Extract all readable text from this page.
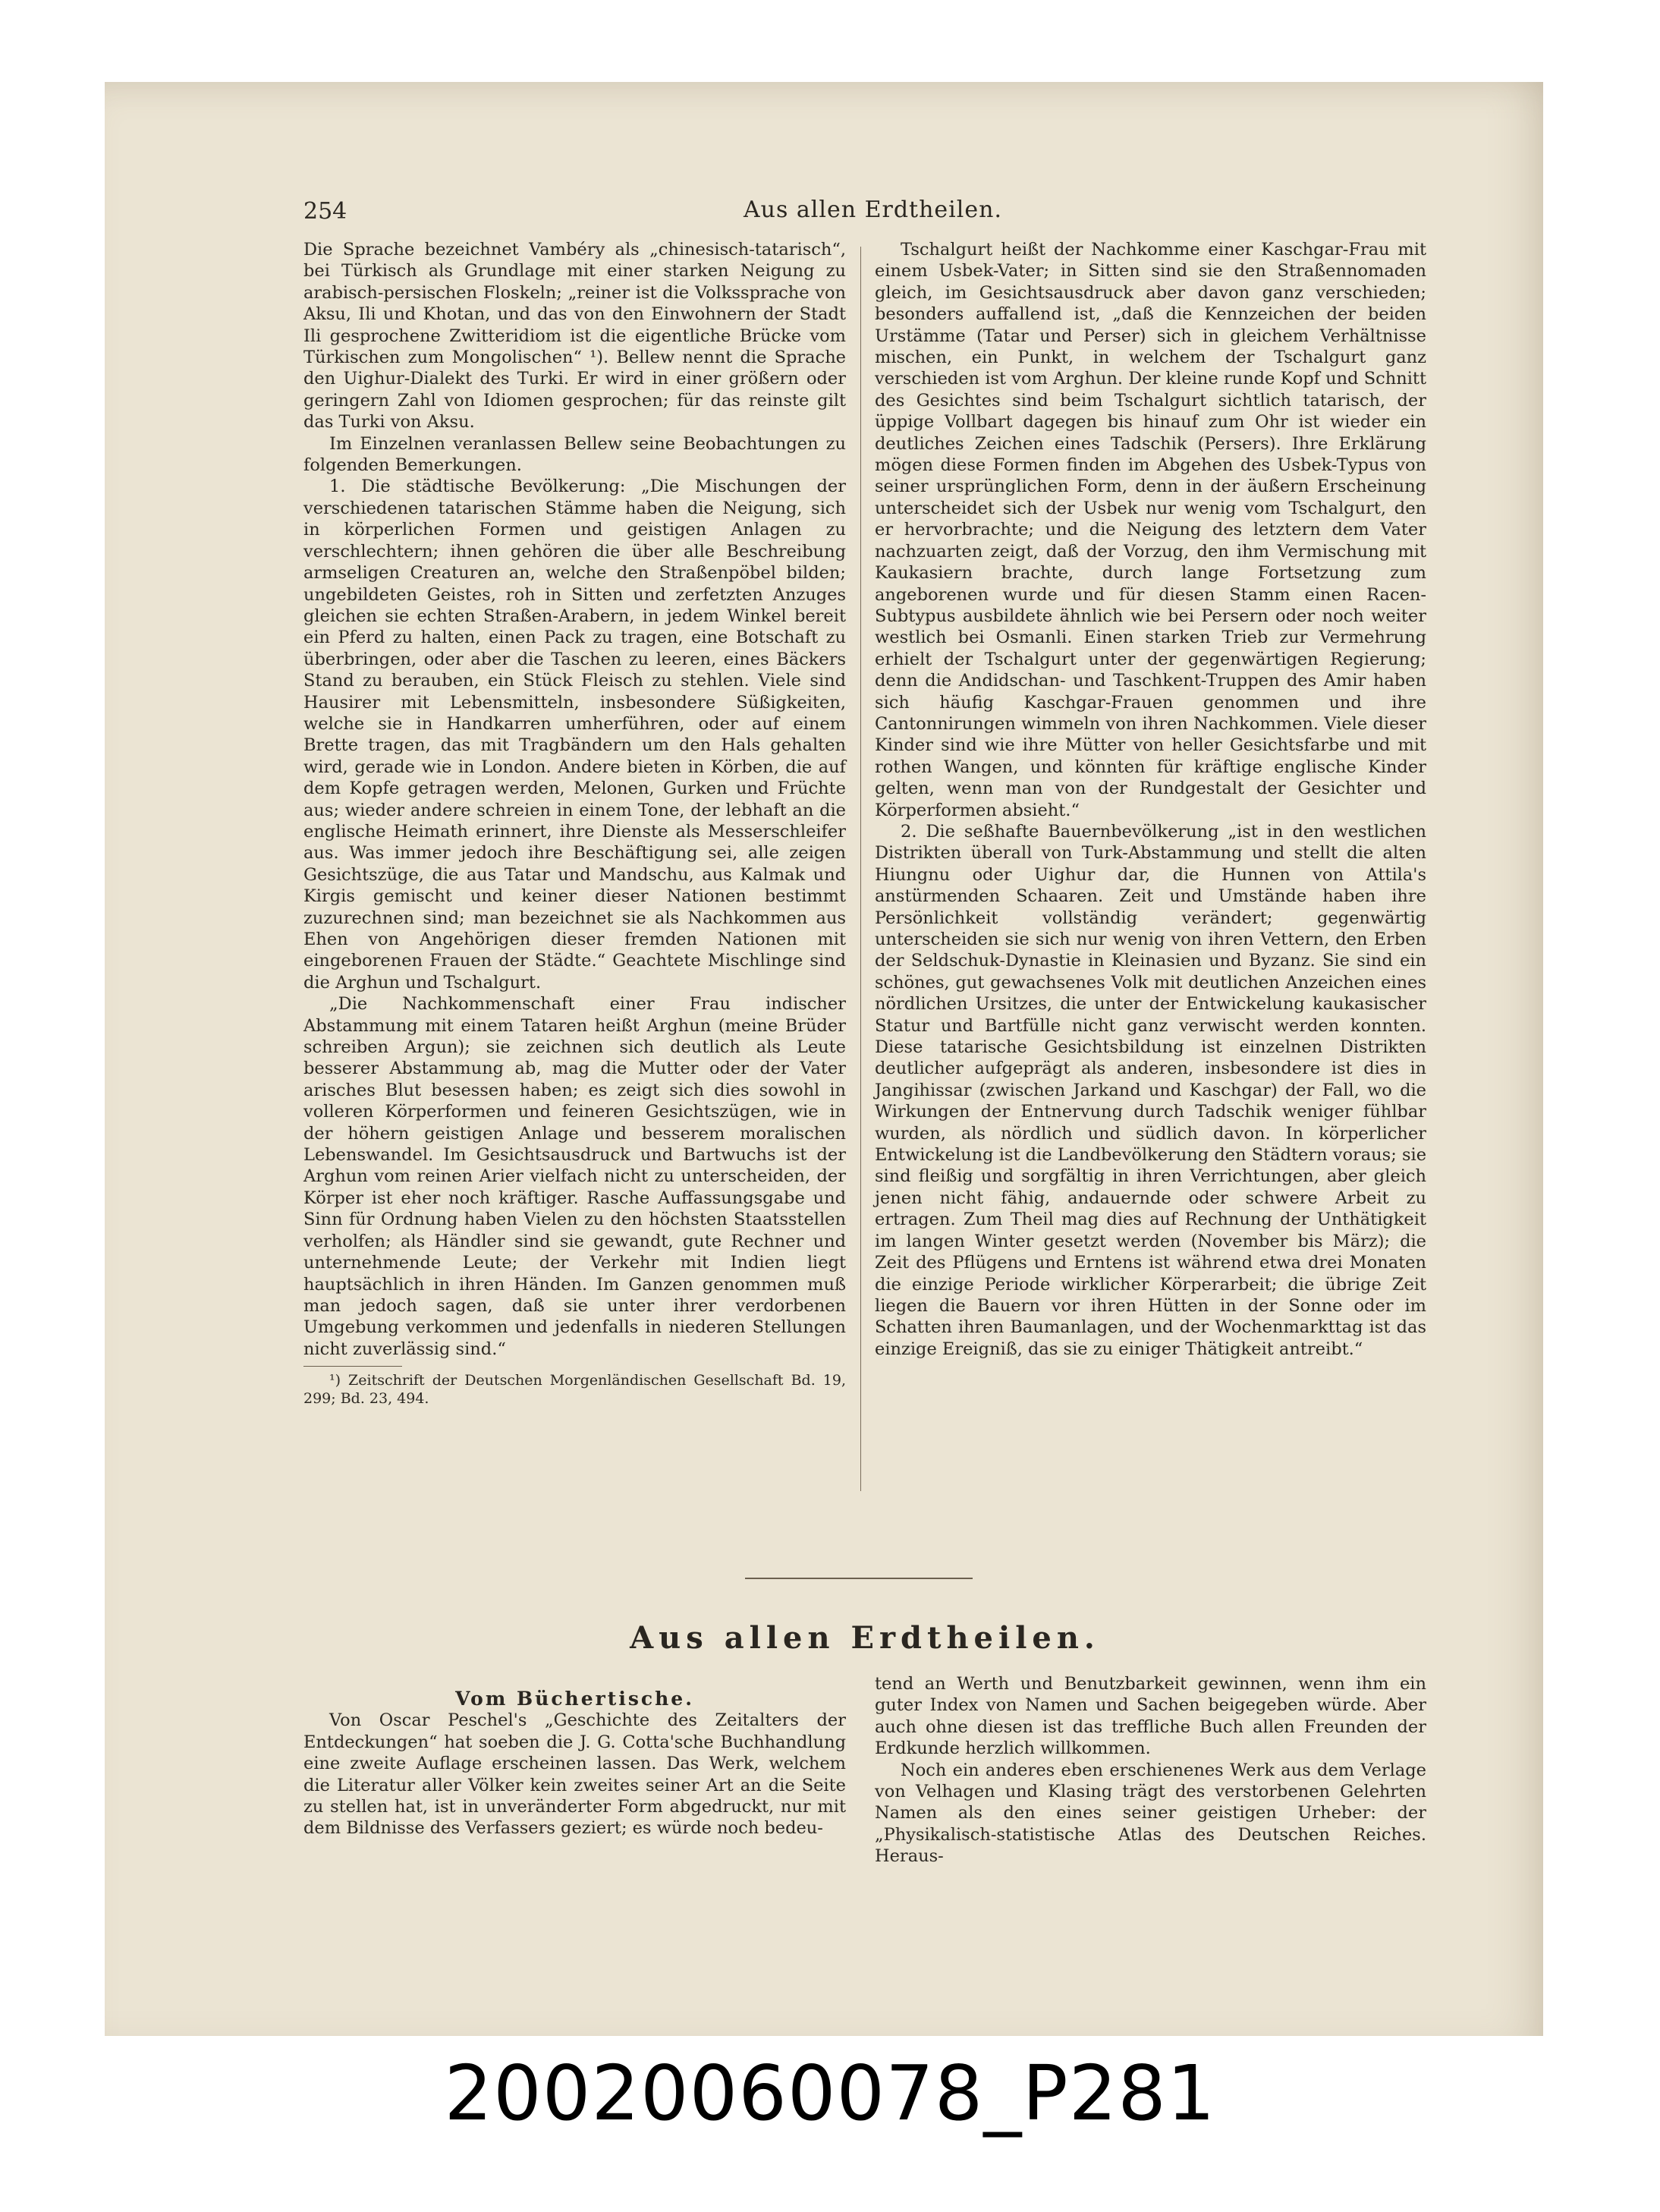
254	Aus allen Erdtheilen.

Die Sprache bezeichnet Vambéry als „chinesisch-tatarisch“, bei Türkisch als Grundlage mit einer starken Neigung zu arabisch-persischen Floskeln; „reiner ist die Volkssprache von Aksu, Ili und Khotan, und das von den Einwohnern der Stadt Ili gesprochene Zwitteridiom ist die eigentliche Brücke vom Türkischen zum Mongolischen“ ¹). Bellew nennt die Sprache den Uighur-Dialekt des Turki. Er wird in einer größern oder geringern Zahl von Idiomen gesprochen; für das reinste gilt das Turki von Aksu.

Im Einzelnen veranlassen Bellew seine Beobachtungen zu folgenden Bemerkungen.

1. Die städtische Bevölkerung: „Die Mischungen der verschiedenen tatarischen Stämme haben die Neigung, sich in körperlichen Formen und geistigen Anlagen zu verschlechtern; ihnen gehören die über alle Beschreibung armseligen Creaturen an, welche den Straßenpöbel bilden; ungebildeten Geistes, roh in Sitten und zerfetzten Anzuges gleichen sie echten Straßen-Arabern, in jedem Winkel bereit ein Pferd zu halten, einen Pack zu tragen, eine Botschaft zu überbringen, oder aber die Taschen zu leeren, eines Bäckers Stand zu berauben, ein Stück Fleisch zu stehlen. Viele sind Hausirer mit Lebensmitteln, insbesondere Süßigkeiten, welche sie in Handkarren umherführen, oder auf einem Brette tragen, das mit Tragbändern um den Hals gehalten wird, gerade wie in London. Andere bieten in Körben, die auf dem Kopfe getragen werden, Melonen, Gurken und Früchte aus; wieder andere schreien in einem Tone, der lebhaft an die englische Heimath erinnert, ihre Dienste als Messerschleifer aus. Was immer jedoch ihre Beschäftigung sei, alle zeigen Gesichtszüge, die aus Tatar und Mandschu, aus Kalmak und Kirgis gemischt und keiner dieser Nationen bestimmt zuzurechnen sind; man bezeichnet sie als Nachkommen aus Ehen von Angehörigen dieser fremden Nationen mit eingeborenen Frauen der Städte.“ Geachtete Mischlinge sind die Arghun und Tschalgurt.

„Die Nachkommenschaft einer Frau indischer Abstammung mit einem Tataren heißt Arghun (meine Brüder schreiben Argun); sie zeichnen sich deutlich als Leute besserer Abstammung ab, mag die Mutter oder der Vater arisches Blut besessen haben; es zeigt sich dies sowohl in volleren Körperformen und feineren Gesichtszügen, wie in der höhern geistigen Anlage und besserem moralischen Lebenswandel. Im Gesichtsausdruck und Bartwuchs ist der Arghun vom reinen Arier vielfach nicht zu unterscheiden, der Körper ist eher noch kräftiger. Rasche Auffassungsgabe und Sinn für Ordnung haben Vielen zu den höchsten Staatsstellen verholfen; als Händler sind sie gewandt, gute Rechner und unternehmende Leute; der Verkehr mit Indien liegt hauptsächlich in ihren Händen. Im Ganzen genommen muß man jedoch sagen, daß sie unter ihrer verdorbenen Umgebung verkommen und jedenfalls in niederen Stellungen nicht zuverlässig sind.“

¹) Zeitschrift der Deutschen Morgenländischen Gesellschaft Bd. 19, 299; Bd. 23, 494.

Tschalgurt heißt der Nachkomme einer Kaschgar-Frau mit einem Usbek-Vater; in Sitten sind sie den Straßennomaden gleich, im Gesichtsausdruck aber davon ganz verschieden; besonders auffallend ist, „daß die Kennzeichen der beiden Urstämme (Tatar und Perser) sich in gleichem Verhältnisse mischen, ein Punkt, in welchem der Tschalgurt ganz verschieden ist vom Arghun. Der kleine runde Kopf und Schnitt des Gesichtes sind beim Tschalgurt sichtlich tatarisch, der üppige Vollbart dagegen bis hinauf zum Ohr ist wieder ein deutliches Zeichen eines Tadschik (Persers). Ihre Erklärung mögen diese Formen finden im Abgehen des Usbek-Typus von seiner ursprünglichen Form, denn in der äußern Erscheinung unterscheidet sich der Usbek nur wenig vom Tschalgurt, den er hervorbrachte; und die Neigung des letztern dem Vater nachzuarten zeigt, daß der Vorzug, den ihm Vermischung mit Kaukasiern brachte, durch lange Fortsetzung zum angeborenen wurde und für diesen Stamm einen Racen-Subtypus ausbildete ähnlich wie bei Persern oder noch weiter westlich bei Osmanli. Einen starken Trieb zur Vermehrung erhielt der Tschalgurt unter der gegenwärtigen Regierung; denn die Andidschan- und Taschkent-Truppen des Amir haben sich häufig Kaschgar-Frauen genommen und ihre Cantonnirungen wimmeln von ihren Nachkommen. Viele dieser Kinder sind wie ihre Mütter von heller Gesichtsfarbe und mit rothen Wangen, und könnten für kräftige englische Kinder gelten, wenn man von der Rundgestalt der Gesichter und Körperformen absieht.“

2. Die seßhafte Bauernbevölkerung „ist in den westlichen Distrikten überall von Turk-Abstammung und stellt die alten Hiungnu oder Uighur dar, die Hunnen von Attila's anstürmenden Schaaren. Zeit und Umstände haben ihre Persönlichkeit vollständig verändert; gegenwärtig unterscheiden sie sich nur wenig von ihren Vettern, den Erben der Seldschuk-Dynastie in Kleinasien und Byzanz. Sie sind ein schönes, gut gewachsenes Volk mit deutlichen Anzeichen eines nördlichen Ursitzes, die unter der Entwickelung kaukasischer Statur und Bartfülle nicht ganz verwischt werden konnten. Diese tatarische Gesichtsbildung ist einzelnen Distrikten deutlicher aufgeprägt als anderen, insbesondere ist dies in Jangihissar (zwischen Jarkand und Kaschgar) der Fall, wo die Wirkungen der Entnervung durch Tadschik weniger fühlbar wurden, als nördlich und südlich davon. In körperlicher Entwickelung ist die Landbevölkerung den Städtern voraus; sie sind fleißig und sorgfältig in ihren Verrichtungen, aber gleich jenen nicht fähig, andauernde oder schwere Arbeit zu ertragen. Zum Theil mag dies auf Rechnung der Unthätigkeit im langen Winter gesetzt werden (November bis März); die Zeit des Pflügens und Erntens ist während etwa drei Monaten die einzige Periode wirklicher Körperarbeit; die übrige Zeit liegen die Bauern vor ihren Hütten in der Sonne oder im Schatten ihren Baumanlagen, und der Wochenmarkttag ist das einzige Ereigniß, das sie zu einiger Thätigkeit antreibt.“

Aus allen Erdtheilen.

Vom Büchertische.

Von Oscar Peschel's „Geschichte des Zeitalters der Entdeckungen“ hat soeben die J. G. Cotta'sche Buchhandlung eine zweite Auflage erscheinen lassen. Das Werk, welchem die Literatur aller Völker kein zweites seiner Art an die Seite zu stellen hat, ist in unveränderter Form abgedruckt, nur mit dem Bildnisse des Verfassers geziert; es würde noch bedeu-

tend an Werth und Benutzbarkeit gewinnen, wenn ihm ein guter Index von Namen und Sachen beigegeben würde. Aber auch ohne diesen ist das treffliche Buch allen Freunden der Erdkunde herzlich willkommen.

Noch ein anderes eben erschienenes Werk aus dem Verlage von Velhagen und Klasing trägt des verstorbenen Gelehrten Namen als den eines seiner geistigen Urheber: der „Physikalisch-statistische Atlas des Deutschen Reiches. Heraus-

20020060078_P281
